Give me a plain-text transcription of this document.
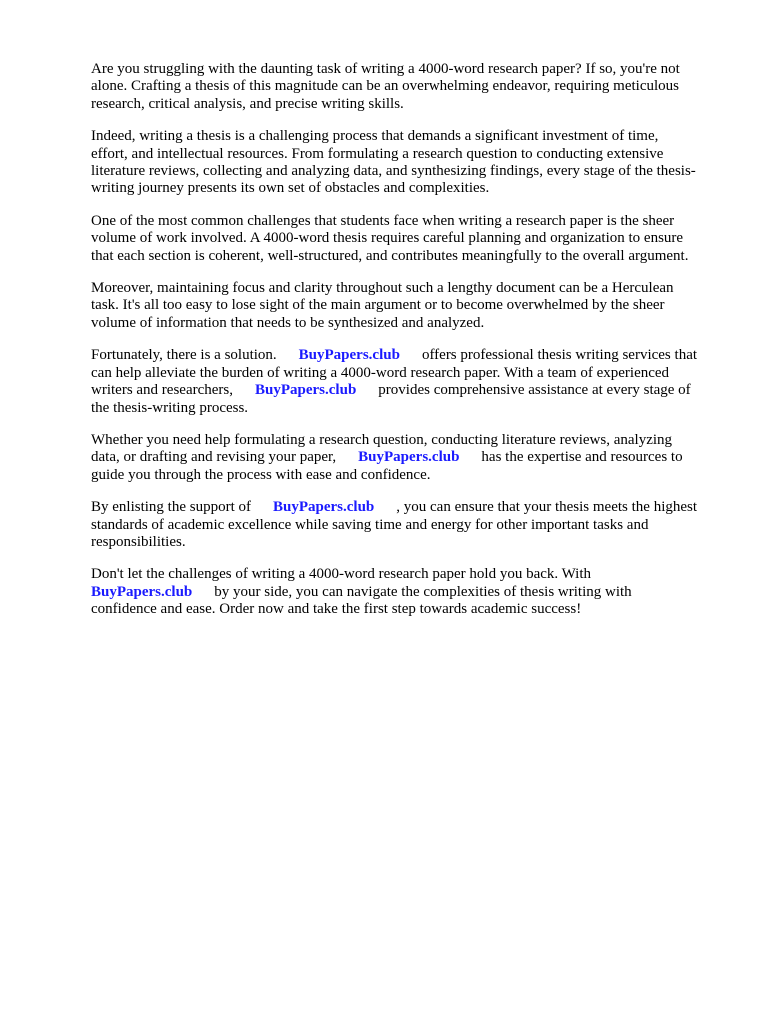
Are you struggling with the daunting task of writing a 4000-word research paper? If so, you're not
alone. Crafting a thesis of this magnitude can be an overwhelming endeavor, requiring meticulous
research, critical analysis, and precise writing skills.

Indeed, writing a thesis is a challenging process that demands a significant investment of time,
effort, and intellectual resources. From formulating a research question to conducting extensive
literature reviews, collecting and analyzing data, and synthesizing findings, every stage of the thesis-
writing journey presents its own set of obstacles and complexities.

One of the most common challenges that students face when writing a research paper is the sheer
volume of work involved. A 4000-word thesis requires careful planning and organization to ensure
that each section is coherent, well-structured, and contributes meaningfully to the overall argument.

Moreover, maintaining focus and clarity throughout such a lengthy document can be a Herculean
task. It's all too easy to lose sight of the main argument or to become overwhelmed by the sheer
volume of information that needs to be synthesized and analyzed.

Fortunately, there is a solution. BuyPapers.club offers professional thesis writing services that
can help alleviate the burden of writing a 4000-word research paper. With a team of experienced
writers and researchers, BuyPapers.club provides comprehensive assistance at every stage of
the thesis-writing process.

Whether you need help formulating a research question, conducting literature reviews, analyzing
data, or drafting and revising your paper, BuyPapers.club has the expertise and resources to
guide you through the process with ease and confidence.

By enlisting the support of BuyPapers.club , you can ensure that your thesis meets the highest
standards of academic excellence while saving time and energy for other important tasks and
responsibilities.

Don't let the challenges of writing a 4000-word research paper hold you back. With
BuyPapers.club by your side, you can navigate the complexities of thesis writing with
confidence and ease. Order now and take the first step towards academic success!
